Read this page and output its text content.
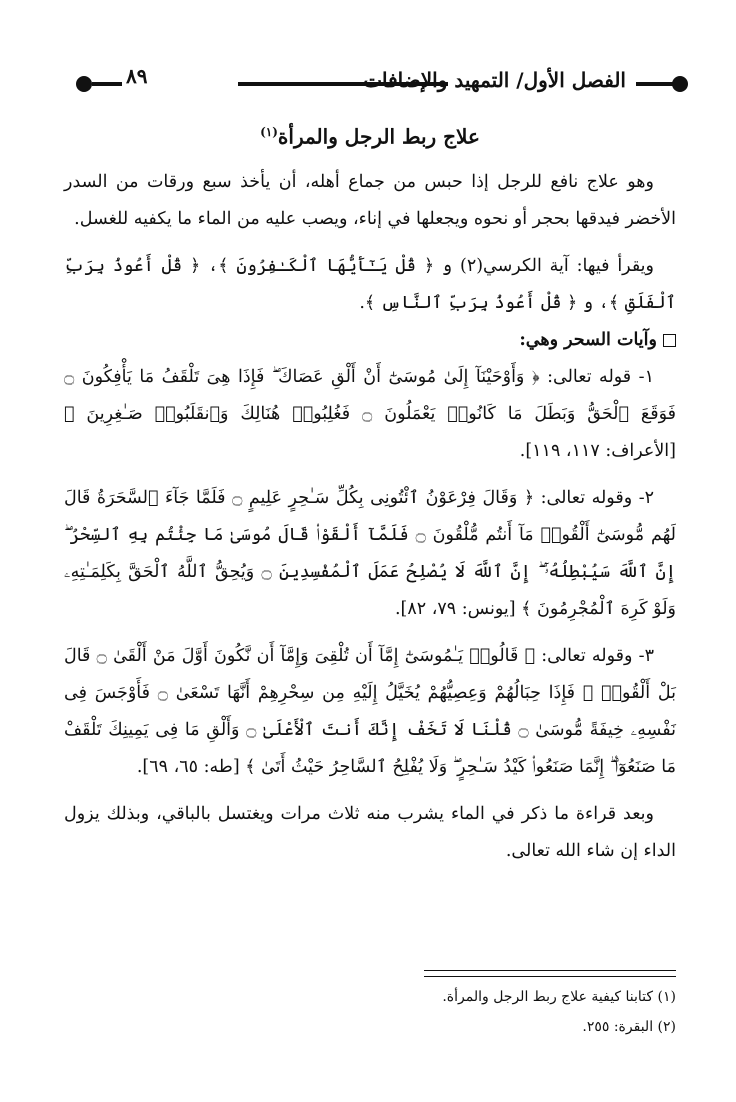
٨٩	الفصل الأول/ التمهيد والإضافات
علاج ربط الرجل والمرأة$^{(١)}$

وهو علاج نافع للرجل إذا حبس من جماع أهله، أن يأخذ سبع ورقات من السدر الأخضر فيدقها بحجر أو نحوه ويجعلها في إناء، ويصب عليه من الماء ما يكفيه للغسل.

ويقرأ فيها: آية الكرسي(٢) و ﴿ قُلْ يَـٰٓأَيُّهَا ٱلْكَـٰفِرُونَ ﴾، ﴿ قُلْ أَعُوذُ بِرَبِّ ٱلْفَلَقِ ﴾، و ﴿ قُلْ أَعُوذُ بِرَبِّ ٱلنَّاسِ ﴾.

وآيات السحر وهي:

١- قوله تعالى: ﴿ وَأَوْحَيْنَآ إِلَىٰ مُوسَىٰٓ أَنْ أَلْقِ عَصَاكَ ۖ فَإِذَا هِىَ تَلْقَفُ مَا يَأْفِكُونَ ۝ فَوَقَعَ ٱلْحَقُّ وَبَطَلَ مَا كَانُوا۟ يَعْمَلُونَ ۝ فَغُلِبُوا۟ هُنَالِكَ وَٱنقَلَبُوا۟ صَـٰغِرِينَ ﴾ [الأعراف: ١١٧، ١١٩].

٢- وقوله تعالى: ﴿ وَقَالَ فِرْعَوْنُ ٱئْتُونِى بِكُلِّ سَـٰحِرٍ عَلِيمٍ ۝ فَلَمَّا جَآءَ ٱلسَّحَرَةُ قَالَ لَهُم مُّوسَىٰٓ أَلْقُوا۟ مَآ أَنتُم مُّلْقُونَ ۝ فَلَمَّآ أَلْقَوْا۟ قَالَ مُوسَىٰ مَا جِئْتُم بِهِ ٱلسِّحْرُ ۖ إِنَّ ٱللَّهَ سَيُبْطِلُهُۥٓ ۖ إِنَّ ٱللَّهَ لَا يُصْلِحُ عَمَلَ ٱلْمُفْسِدِينَ ۝ وَيُحِقُّ ٱللَّهُ ٱلْحَقَّ بِكَلِمَـٰتِهِۦ وَلَوْ كَرِهَ ٱلْمُجْرِمُونَ ﴾ [يونس: ٧٩، ٨٢].

٣- وقوله تعالى: ﴿ قَالُوا۟ يَـٰمُوسَىٰٓ إِمَّآ أَن تُلْقِىَ وَإِمَّآ أَن نَّكُونَ أَوَّلَ مَنْ أَلْقَىٰ ۝ قَالَ بَلْ أَلْقُوا۟ ۖ فَإِذَا حِبَالُهُمْ وَعِصِيُّهُمْ يُخَيَّلُ إِلَيْهِ مِن سِحْرِهِمْ أَنَّهَا تَسْعَىٰ ۝ فَأَوْجَسَ فِى نَفْسِهِۦ خِيفَةً مُّوسَىٰ ۝ قُلْنَا لَا تَخَفْ إِنَّكَ أَنتَ ٱلْأَعْلَىٰ ۝ وَأَلْقِ مَا فِى يَمِينِكَ تَلْقَفْ مَا صَنَعُوٓا۟ ۖ إِنَّمَا صَنَعُوا۟ كَيْدُ سَـٰحِرٍ ۖ وَلَا يُفْلِحُ ٱلسَّاحِرُ حَيْثُ أَتَىٰ ﴾ [طه: ٦٥، ٦٩].

وبعد قراءة ما ذكر في الماء يشرب منه ثلاث مرات ويغتسل بالباقي، وبذلك يزول الداء إن شاء الله تعالى.

(١) كتابنا كيفية علاج ربط الرجل والمرأة.
(٢) البقرة: ٢٥٥.
